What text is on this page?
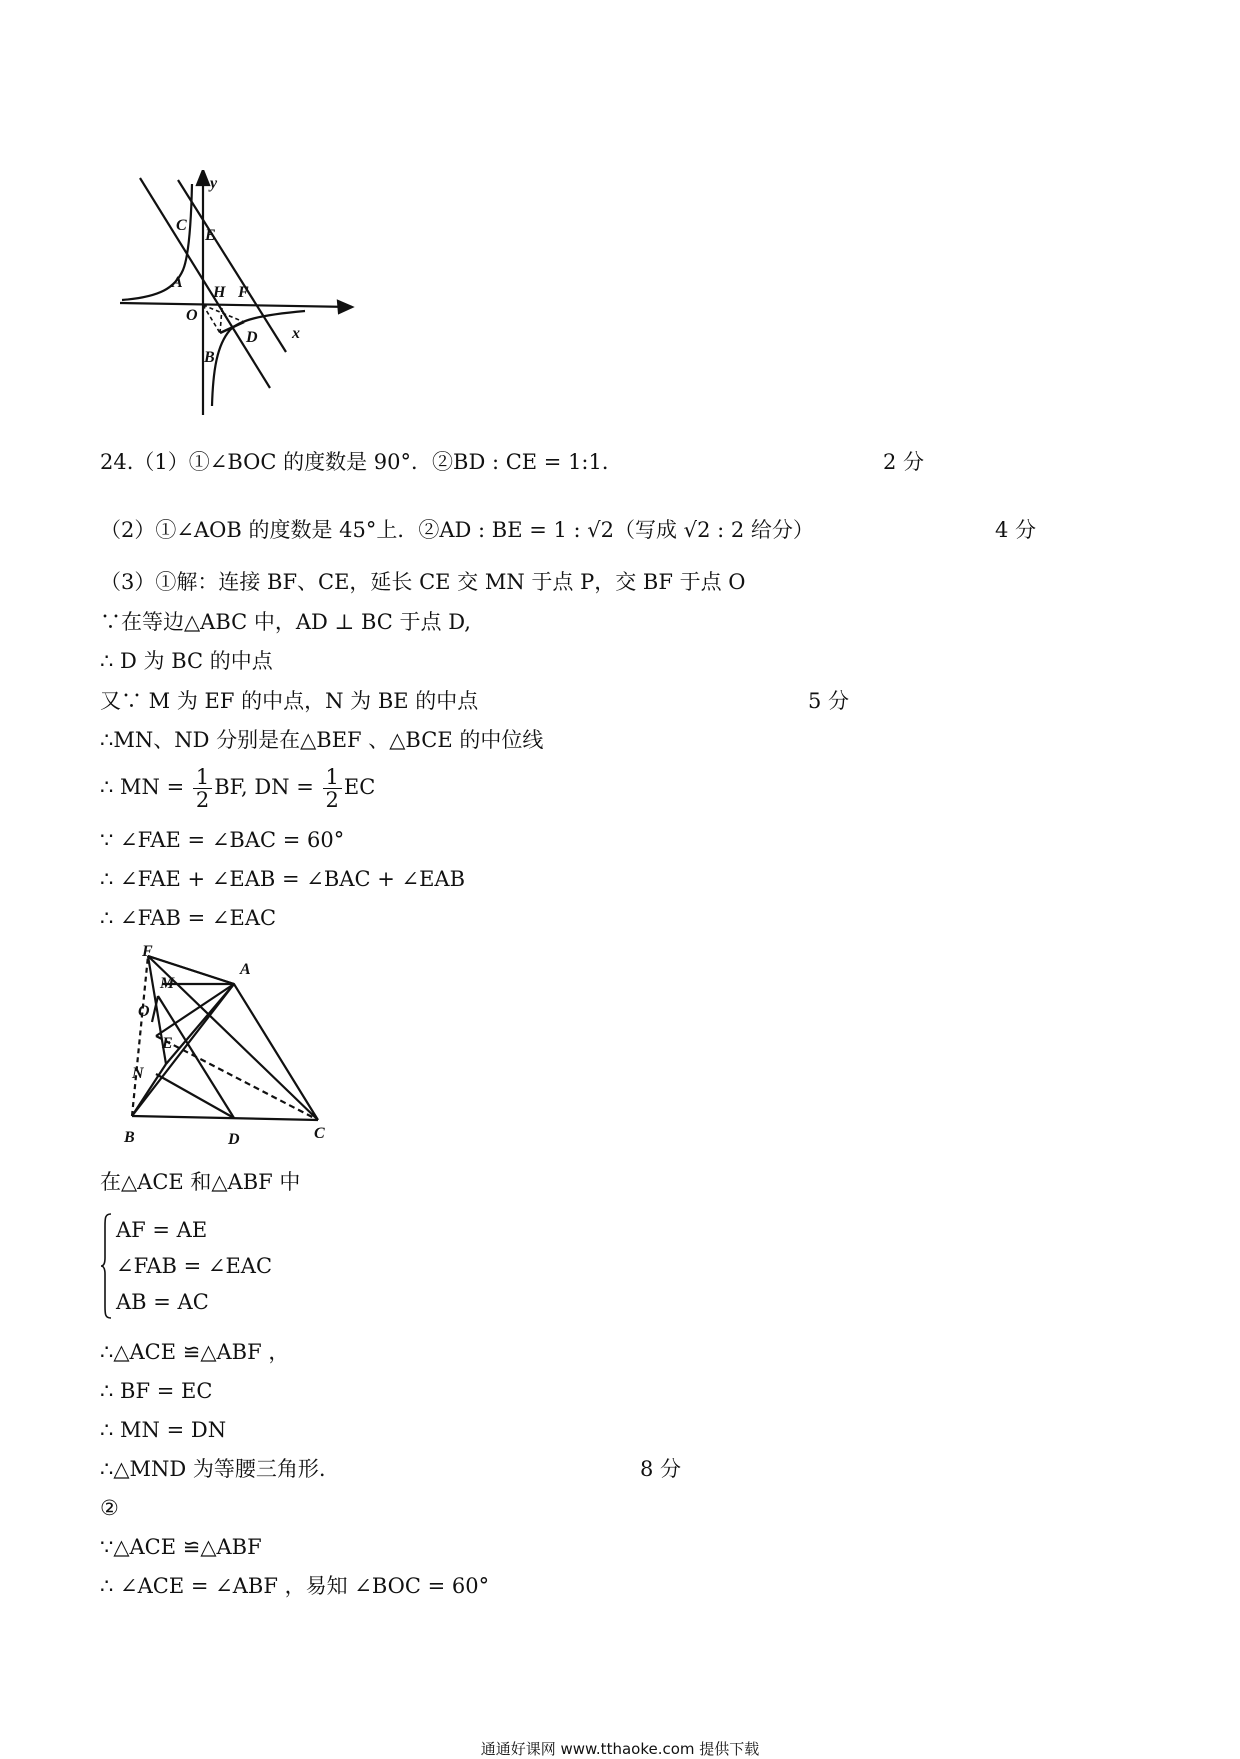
y
x
O
A
B
C
D
E
F
H
24.（1）①∠BOC 的度数是 90°．②BD : CE = 1:1．	2 分
（2）①∠AOB 的度数是 45°上．②AD : BE = 1 : √2（写成 √2 : 2 给分）	4 分
（3）①解：连接 BF、CE，延长 CE 交 MN 于点 P，交 BF 于点 O
∵在等边△ABC 中，AD ⊥ BC 于点 D,
∴ D 为 BC 的中点
又∵ M 为 EF 的中点，N 为 BE 的中点	5 分
∴MN、ND 分别是在△BEF 、△BCE 的中位线
∴ MN = $\frac{1}{2}$ BF, DN = $\frac{1}{2}$ EC
∵ ∠FAE = ∠BAC = 60°
∴ ∠FAE + ∠EAB = ∠BAC + ∠EAB
∴ ∠FAB = ∠EAC
F
A
M
O
E
N
B	D	C
在△ACE 和△ABF 中
AF = AE
∠FAB = ∠EAC
AB = AC
∴△ACE ≌△ABF ，
∴ BF = EC
∴ MN = DN
∴△MND 为等腰三角形.	8 分
②
∵△ACE ≌△ABF
∴ ∠ACE = ∠ABF ，易知 ∠BOC = 60°
通通好课网 www.tthaoke.com 提供下载
